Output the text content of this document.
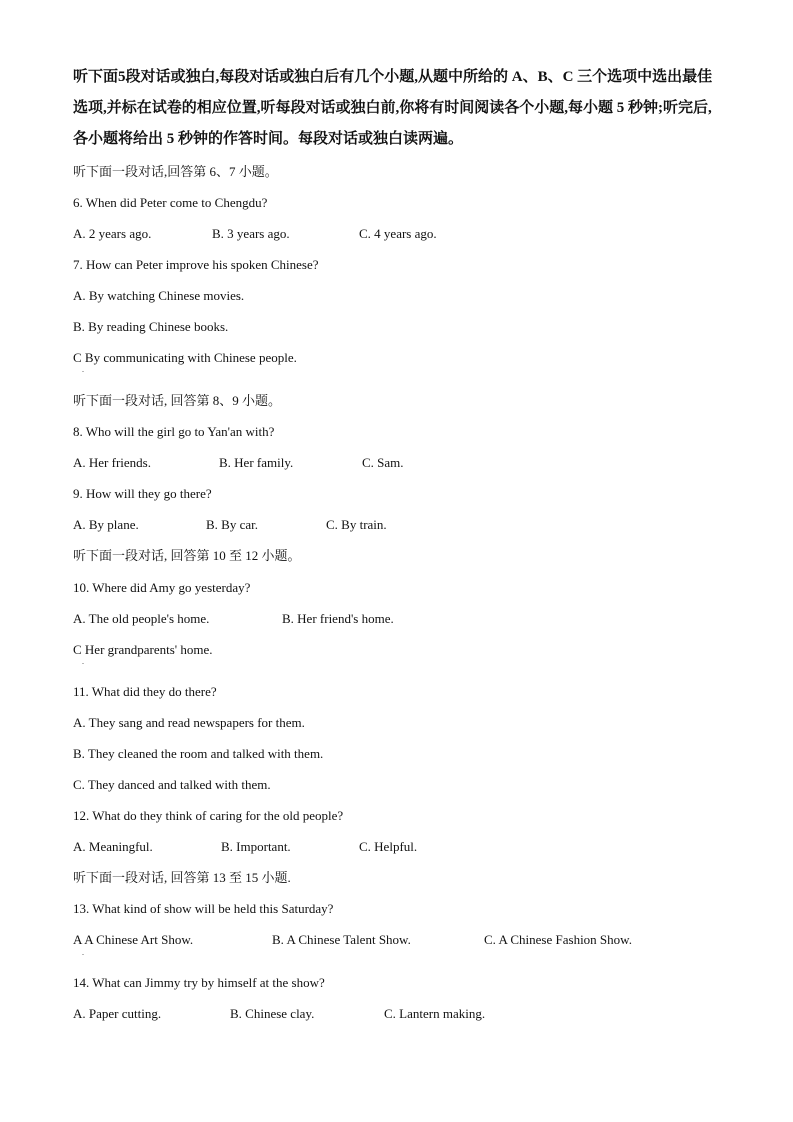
听下面5段对话或独白,每段对话或独白后有几个小题,从题中所给的 A、B、C 三个选项中选出最佳选项,并标在试卷的相应位置,听每段对话或独白前,你将有时间阅读各个小题,每小题 5 秒钟;听完后,各小题将给出 5 秒钟的作答时间。每段对话或独白读两遍。
听下面一段对话,回答第 6、7 小题。
6. When did Peter come to Chengdu?
A. 2 years ago.	B. 3 years ago.	C. 4 years ago.
7. How can Peter improve his spoken Chinese?
A. By watching Chinese movies.
B. By reading Chinese books.
C By communicating with Chinese people.
.
听下面一段对话, 回答第 8、9 小题。
8. Who will the girl go to Yan'an with?
A. Her friends.	B. Her family.	C. Sam.
9. How will they go there?
A. By plane.	B. By car.	C. By train.
听下面一段对话, 回答第 10 至 12 小题。
10. Where did Amy go yesterday?
A. The old people's home.	B. Her friend's home.
C Her grandparents' home.
.
11. What did they do there?
A. They sang and read newspapers for them.
B. They cleaned the room and talked with them.
C. They danced and talked with them.
12. What do they think of caring for the old people?
A. Meaningful.	B. Important.	C. Helpful.
听下面一段对话, 回答第 13 至 15 小题.
13. What kind of show will be held this Saturday?
A A Chinese Art Show.	B. A Chinese Talent Show.	C. A Chinese Fashion Show.
.
14. What can Jimmy try by himself at the show?
A. Paper cutting.	B. Chinese clay.	C. Lantern making.
